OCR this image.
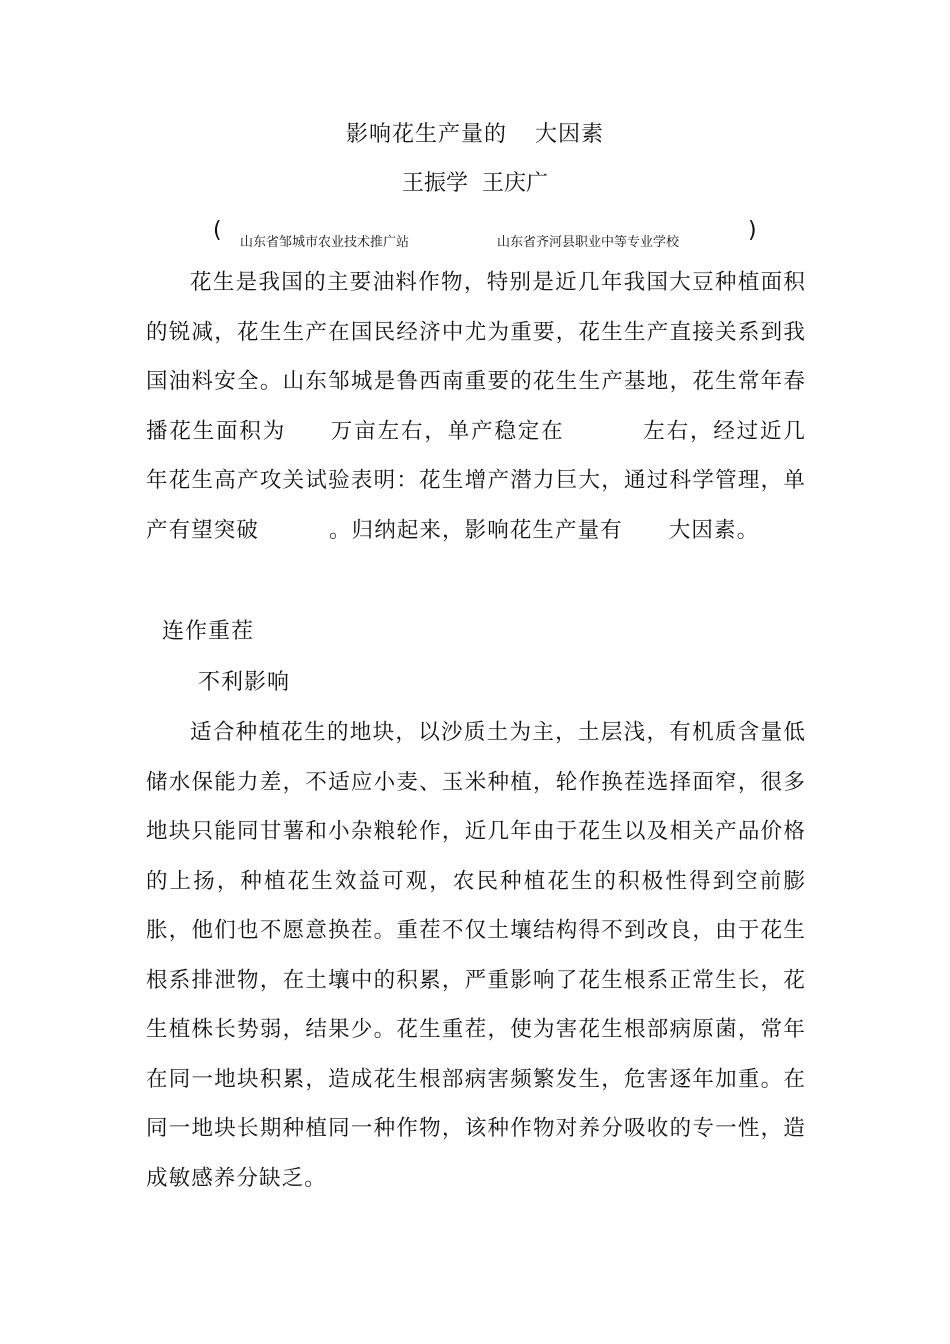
影响花生产量的 大因素
王振学 王庆广
( 山东省邹城市农业技术推广站	山东省齐河县职业中等专业学校	)

花生是我国的主要油料作物，特别是近几年我国大豆种植面积的锐减，花生生产在国民经济中尤为重要，花生生产直接关系到我国油料安全。山东邹城是鲁西南重要的花生生产基地，花生常年春播花生面积为 万亩左右，单产稳定在	左右，经过近几年花生高产攻关试验表明：花生增产潜力巨大，通过科学管理，单产有望突破	。归纳起来，影响花生产量有 大因素。

连作重茬
不利影响

适合种植花生的地块，以沙质土为主，土层浅，有机质含量低储水保能力差，不适应小麦、玉米种植，轮作换茬选择面窄，很多地块只能同甘薯和小杂粮轮作，近几年由于花生以及相关产品价格的上扬，种植花生效益可观，农民种植花生的积极性得到空前膨胀，他们也不愿意换茬。重茬不仅土壤结构得不到改良，由于花生根系排泄物，在土壤中的积累，严重影响了花生根系正常生长，花生植株长势弱，结果少。花生重茬，使为害花生根部病原菌，常年在同一地块积累，造成花生根部病害频繁发生，危害逐年加重。在同一地块长期种植同一种作物，该种作物对养分吸收的专一性，造成敏感养分缺乏。
